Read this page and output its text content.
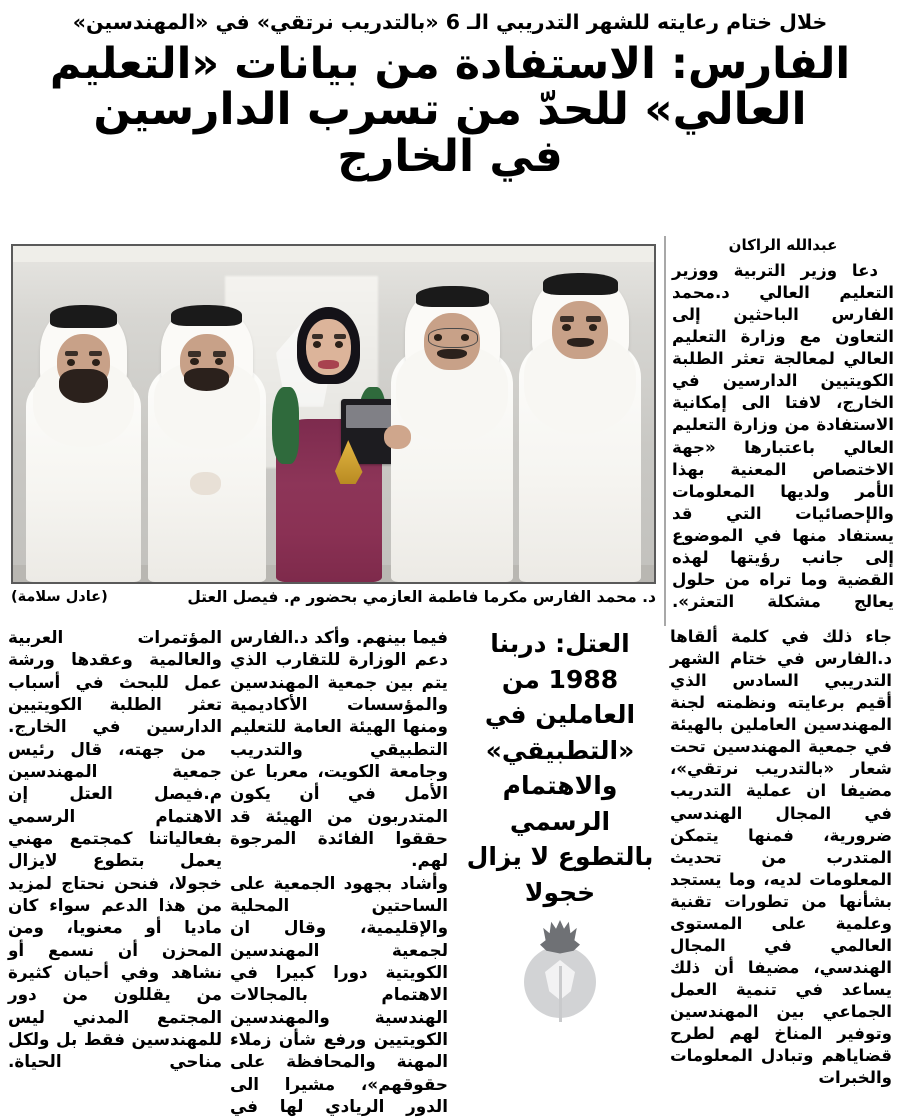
خلال ختام رعايته للشهر التدريبي الـ 6 «بالتدريب نرتقي» في «المهندسين»
الفارس: الاستفادة من بيانات «التعليم
العالي» للحدّ من تسرب الدارسين
في الخارج
د. محمد الفارس مكرما فاطمة العازمي بحضور م. فيصل العتل
(عادل سلامة)
عبدالله الراكان

دعا وزير التربية ووزير التعليم العالي د.محمد الفارس الباحثين إلى التعاون مع وزارة التعليم العالي لمعالجة تعثر الطلبة الكويتيين الدارسين في الخارج، لافتا الى إمكانية الاستفادة من وزارة التعليم العالي باعتبارها «جهة الاختصاص المعنية بهذا الأمر ولديها المعلومات والإحصائيات التي قد يستفاد منها في الموضوع إلى جانب رؤيتها لهذه القضية وما تراه من حلول يعالج مشكلة التعثر».

جاء ذلك في كلمة ألقاها د.الفارس في ختام الشهر التدريبي السادس الذي أقيم برعايته ونظمته لجنة المهندسين العاملين بالهيئة في جمعية المهندسين تحت شعار «بالتدريب نرتقي»، مضيفا ان عملية التدريب في المجال الهندسي ضرورية، فمنها يتمكن المتدرب من تحديث المعلومات لديه، وما يستجد بشأنها من تطورات تقنية وعلمية على المستوى العالمي في المجال الهندسي، مضيفا أن ذلك يساعد في تنمية العمل الجماعي بين المهندسين وتوفير المناخ لهم لطرح قضاياهم وتبادل المعلومات والخبرات

العتل: دربنا 1988 من العاملين في «التطبيقي» والاهتمام الرسمي بالتطوع لا يزال خجولا

فيما بينهم. وأكد د.الفارس دعم الوزارة للتقارب الذي يتم بين جمعية المهندسين والمؤسسات الأكاديمية ومنها الهيئة العامة للتعليم التطبيقي والتدريب وجامعة الكويت، معربا عن الأمل في أن يكون المتدربون من الهيئة قد حققوا الفائدة المرجوة لهم.

وأشاد بجهود الجمعية على الساحتين المحلية والإقليمية، وقال ان لجمعية المهندسين الكويتية دورا كبيرا في الاهتمام بالمجالات الهندسية والمهندسين الكويتيين ورفع شأن زملاء المهنة والمحافظة على حقوقهم»، مشيرا الى الدور الريادي لها في

المؤتمرات العربية والعالمية وعقدها ورشة عمل للبحث في أسباب تعثر الطلبة الكويتيين الدارسين في الخارج.

من جهته، قال رئيس جمعية المهندسين م.فيصل العتل إن الاهتمام الرسمي بفعالياتنا كمجتمع مهني يعمل بتطوع لايزال خجولا، فنحن نحتاج لمزيد من هذا الدعم سواء كان ماديا أو معنويا، ومن المحزن أن نسمع أو نشاهد وفي أحيان كثيرة من يقللون من دور المجتمع المدني ليس للمهندسين فقط بل ولكل مناحي الحياة.
